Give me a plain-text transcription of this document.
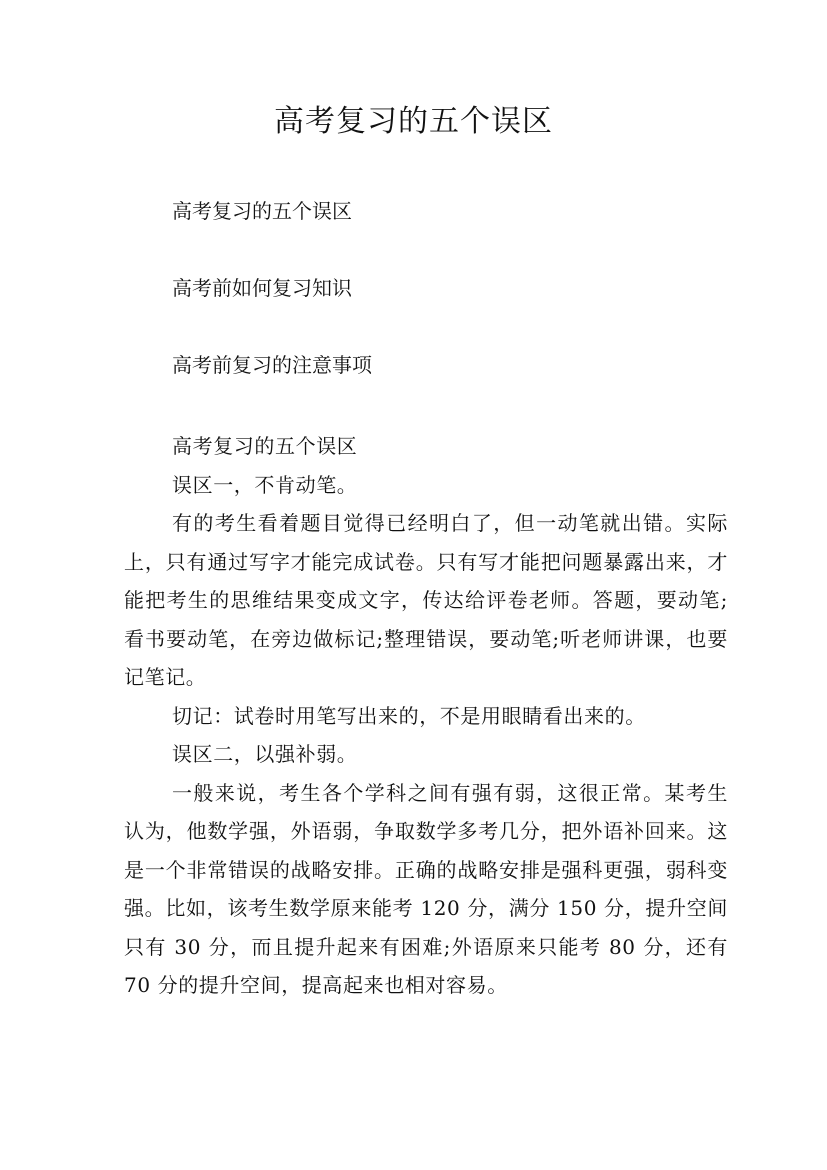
高考复习的五个误区
高考复习的五个误区
高考前如何复习知识
高考前复习的注意事项

高考复习的五个误区

误区一，不肯动笔。

有的考生看着题目觉得已经明白了，但一动笔就出错。实际上，只有通过写字才能完成试卷。只有写才能把问题暴露出来，才能把考生的思维结果变成文字，传达给评卷老师。答题，要动笔;看书要动笔，在旁边做标记;整理错误，要动笔;听老师讲课，也要记笔记。

切记：试卷时用笔写出来的，不是用眼睛看出来的。

误区二，以强补弱。

一般来说，考生各个学科之间有强有弱，这很正常。某考生认为，他数学强，外语弱，争取数学多考几分，把外语补回来。这是一个非常错误的战略安排。正确的战略安排是强科更强，弱科变强。比如，该考生数学原来能考 120 分，满分 150 分，提升空间只有 30 分，而且提升起来有困难;外语原来只能考 80 分，还有 70 分的提升空间，提高起来也相对容易。
